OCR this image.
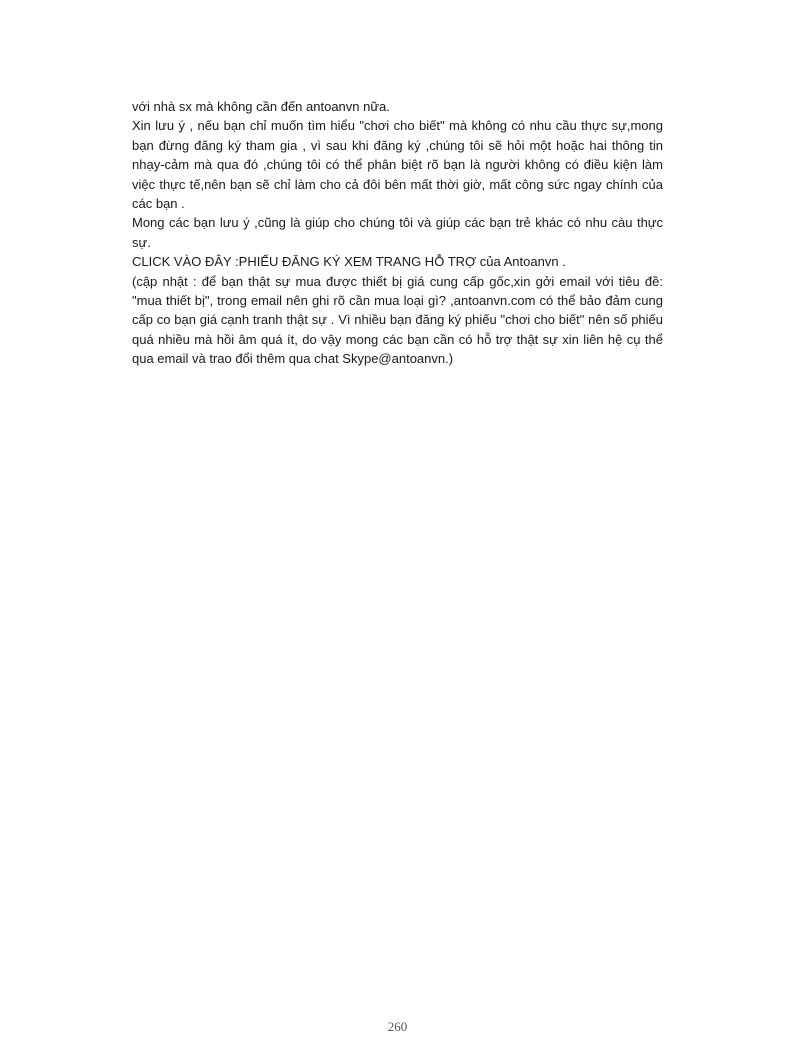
với nhà sx mà không cần đến antoanvn nữa.

Xin lưu ý , nếu bạn chỉ muốn tìm hiểu "chơi cho biết" mà không có nhu cầu thực sự,mong bạn đừng đăng ký tham gia , vì sau khi đăng ký ,chúng tôi sẽ hỏi một hoặc hai thông tin nhạy-cảm mà qua đó ,chúng tôi có thể phân biệt rõ bạn là người không có điều kiện làm việc thực tế,nên bạn sẽ chỉ làm cho cả đôi bên mất thời giờ, mất công sức ngay chính của các bạn .

Mong các bạn lưu ý ,cũng là giúp cho chúng tôi và giúp các bạn trẻ khác có nhu càu thực sự.

CLICK VÀO ĐÂY :PHIẾU ĐĂNG KÝ XEM TRANG HỖ TRỢ của Antoanvn .

(cập nhật : để bạn thật sự mua được thiết bị giá cung cấp gốc,xin gởi email với tiêu đề: "mua thiết bị", trong email nên ghi rõ cần mua loại gì? ,antoanvn.com có thể bảo đảm cung cấp co bạn giá cạnh tranh thật sự . Vì nhiều bạn đăng ký phiếu "chơi cho biết" nên số phiếu quá nhiều mà hồi âm quá ít, do vậy mong các bạn cần có hỗ trợ thật sự xin liên hệ cụ thể qua email và trao đổi thêm qua chat Skype@antoanvn.)

260
